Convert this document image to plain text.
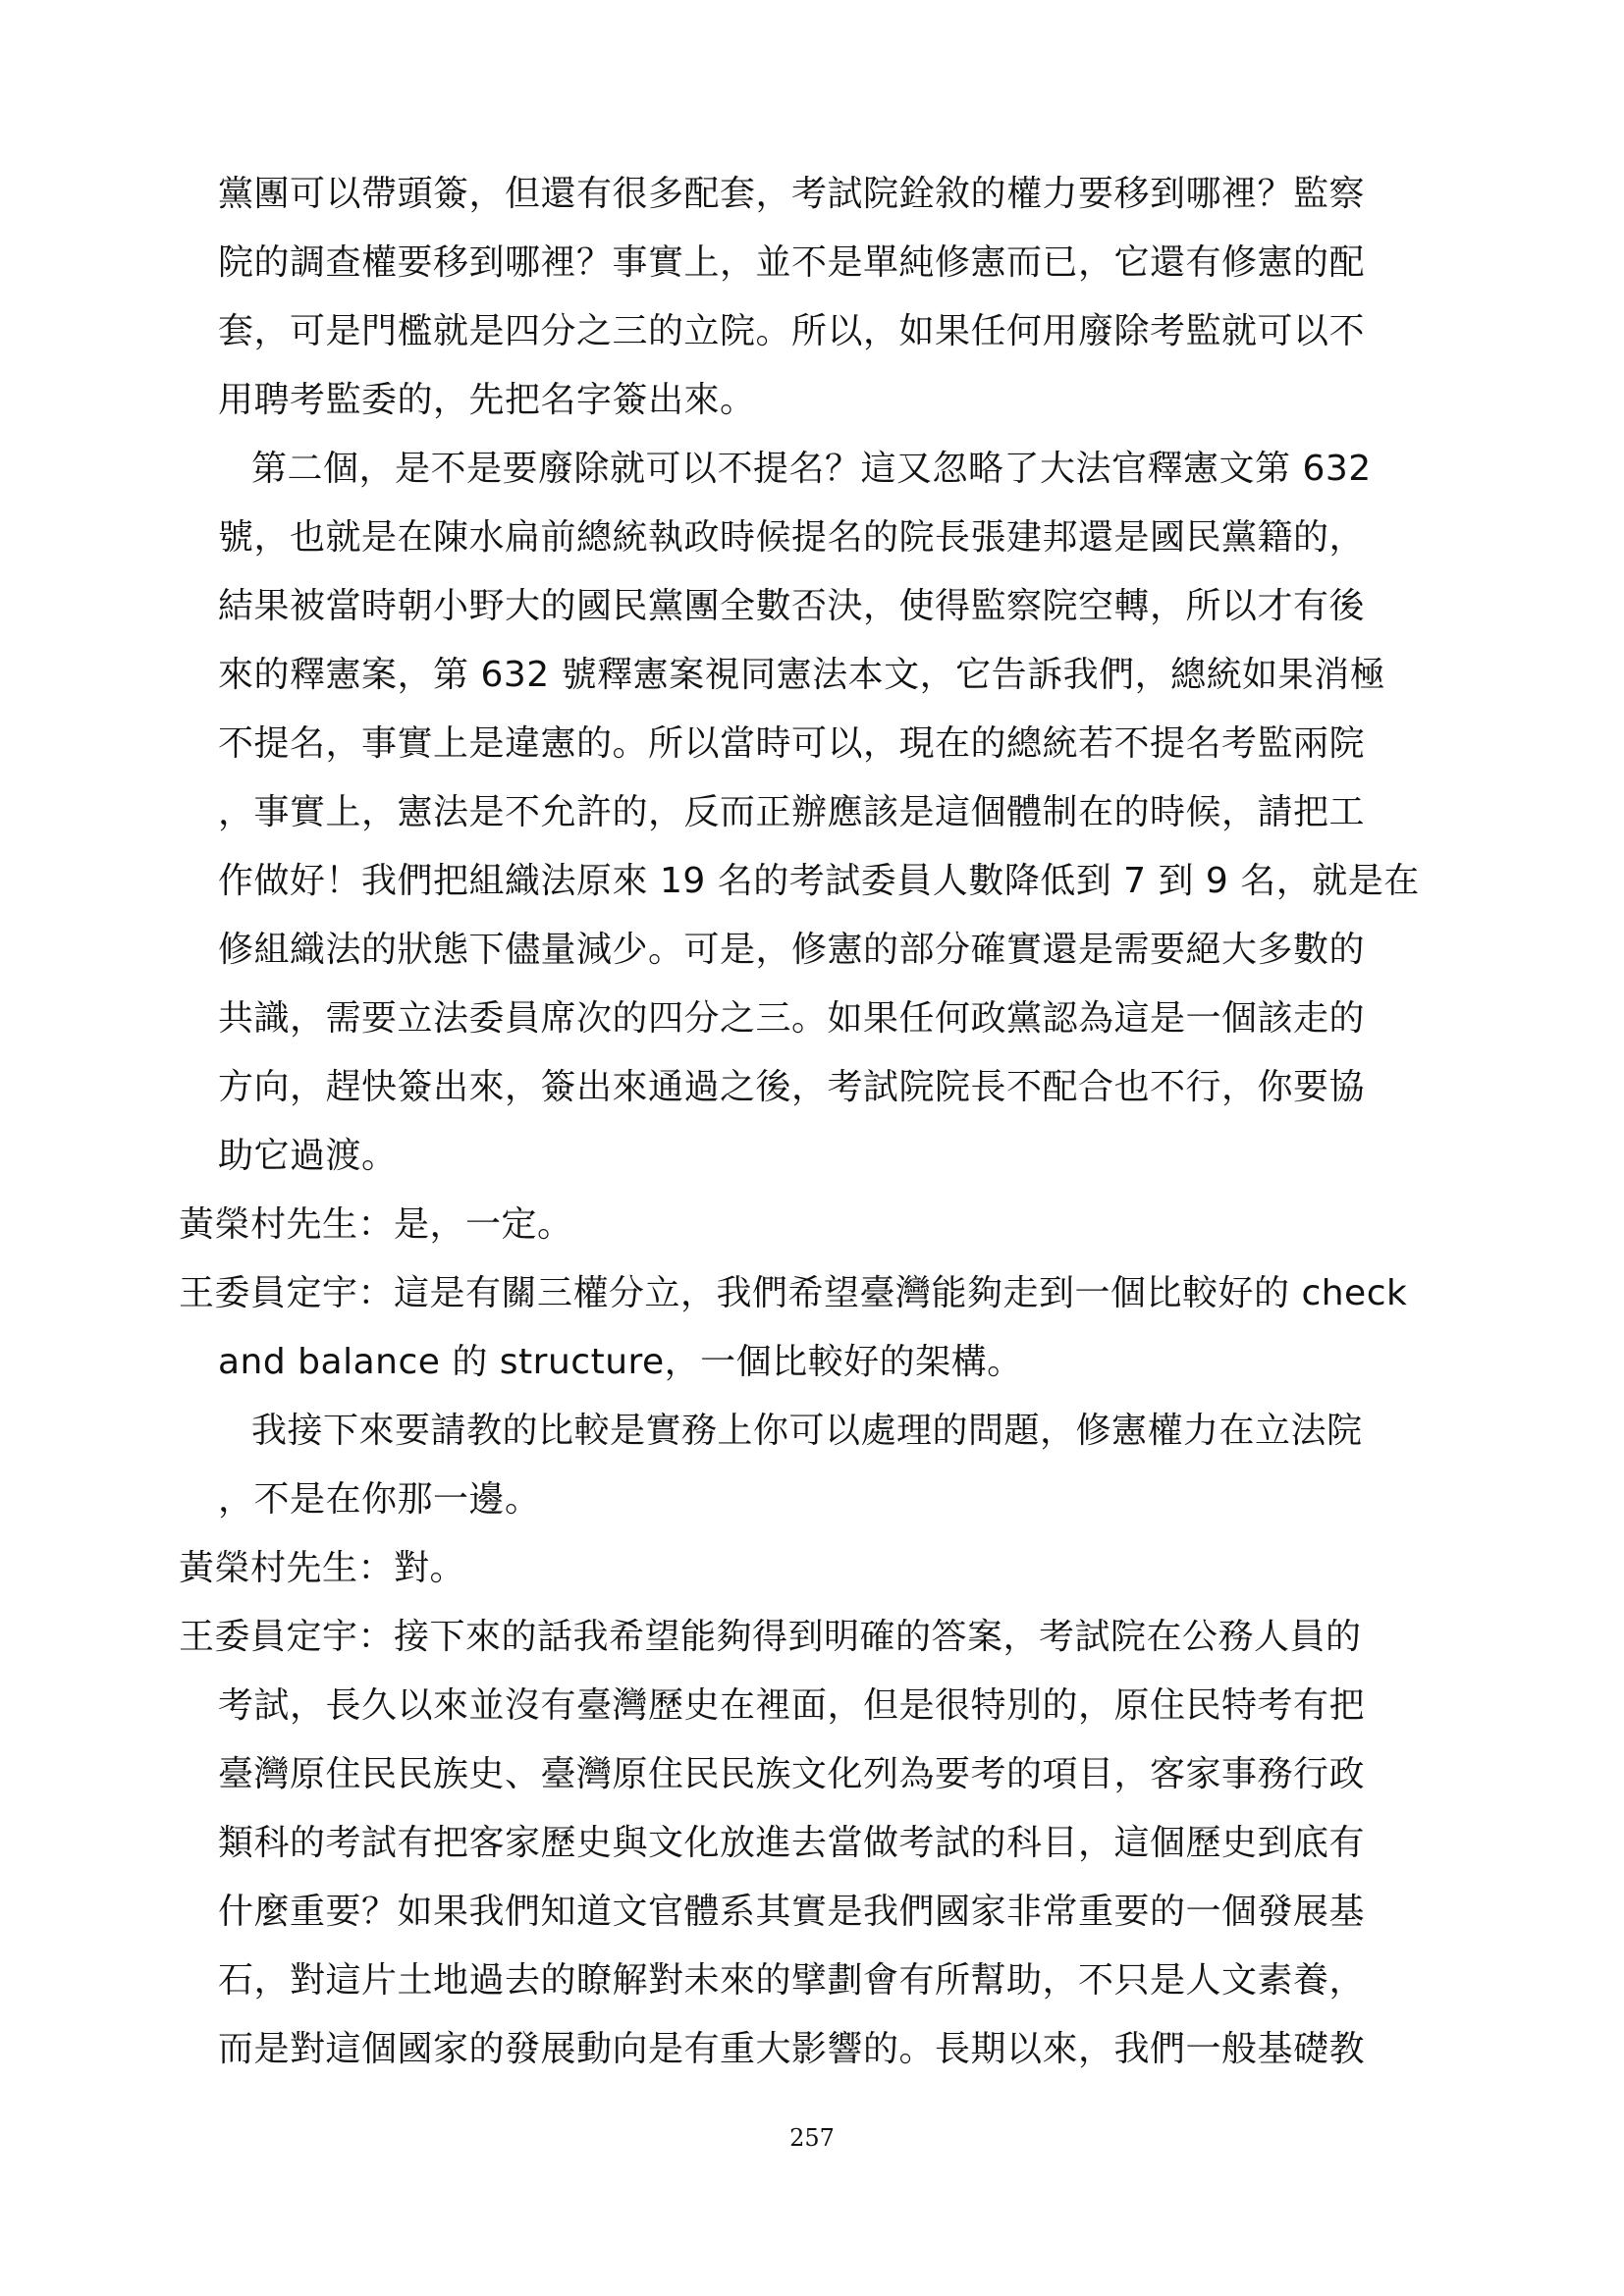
黨團可以帶頭簽，但還有很多配套，考試院銓敘的權力要移到哪裡？監察
院的調查權要移到哪裡？事實上，並不是單純修憲而已，它還有修憲的配
套，可是門檻就是四分之三的立院。所以，如果任何用廢除考監就可以不
用聘考監委的，先把名字簽出來。
第二個，是不是要廢除就可以不提名？這又忽略了大法官釋憲文第 632
號，也就是在陳水扁前總統執政時候提名的院長張建邦還是國民黨籍的，
結果被當時朝小野大的國民黨團全數否決，使得監察院空轉，所以才有後
來的釋憲案，第 632 號釋憲案視同憲法本文，它告訴我們，總統如果消極
不提名，事實上是違憲的。所以當時可以，現在的總統若不提名考監兩院
，事實上，憲法是不允許的，反而正辦應該是這個體制在的時候，請把工
作做好！我們把組織法原來 19 名的考試委員人數降低到 7 到 9 名，就是在
修組織法的狀態下儘量減少。可是，修憲的部分確實還是需要絕大多數的
共識，需要立法委員席次的四分之三。如果任何政黨認為這是一個該走的
方向，趕快簽出來，簽出來通過之後，考試院院長不配合也不行，你要協
助它過渡。
黃榮村先生：是，一定。
王委員定宇：這是有關三權分立，我們希望臺灣能夠走到一個比較好的 check
and balance 的 structure，一個比較好的架構。
我接下來要請教的比較是實務上你可以處理的問題，修憲權力在立法院
，不是在你那一邊。
黃榮村先生：對。
王委員定宇：接下來的話我希望能夠得到明確的答案，考試院在公務人員的
考試，長久以來並沒有臺灣歷史在裡面，但是很特別的，原住民特考有把
臺灣原住民民族史、臺灣原住民民族文化列為要考的項目，客家事務行政
類科的考試有把客家歷史與文化放進去當做考試的科目，這個歷史到底有
什麼重要？如果我們知道文官體系其實是我們國家非常重要的一個發展基
石，對這片土地過去的瞭解對未來的擘劃會有所幫助，不只是人文素養，
而是對這個國家的發展動向是有重大影響的。長期以來，我們一般基礎教
257
